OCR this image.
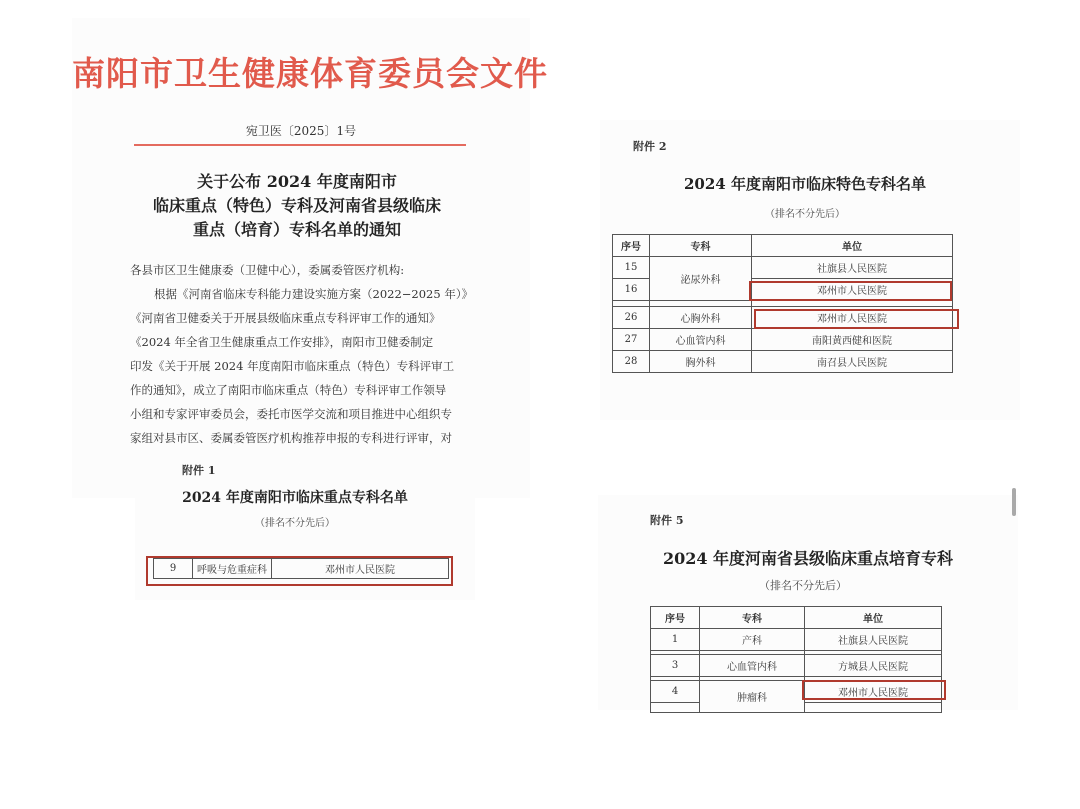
南阳市卫生健康体育委员会文件
宛卫医〔2025〕1号
关于公布 2024 年度南阳市
临床重点（特色）专科及河南省县级临床
重点（培育）专科名单的通知
各县市区卫生健康委（卫健中心），委属委管医疗机构:
根据《河南省临床专科能力建设实施方案（2022−2025 年）》
《河南省卫健委关于开展县级临床重点专科评审工作的通知》
《2024 年全省卫生健康重点工作安排》，南阳市卫健委制定
印发《关于开展 2024 年度南阳市临床重点（特色）专科评审工
作的通知》，成立了南阳市临床重点（特色）专科评审工作领导
小组和专家评审委员会，委托市医学交流和项目推进中心组织专
家组对县市区、委属委管医疗机构推荐申报的专科进行评审，对
附件 1
2024 年度南阳市临床重点专科名单
（排名不分先后）
9	呼吸与危重症科	邓州市人民医院
附件 2
2024 年度南阳市临床特色专科名单
（排名不分先后）
序号	专科	单位
15	泌尿外科	社旗县人民医院
16		邓州市人民医院

26	心胸外科	邓州市人民医院
27	心血管内科	南阳黄西健和医院
28	胸外科	南召县人民医院
附件 5
2024 年度河南省县级临床重点培育专科
（排名不分先后）
序号	专科	单位
1	产科	社旗县人民医院

3	心血管内科	方城县人民医院

4	肿瘤科	邓州市人民医院
